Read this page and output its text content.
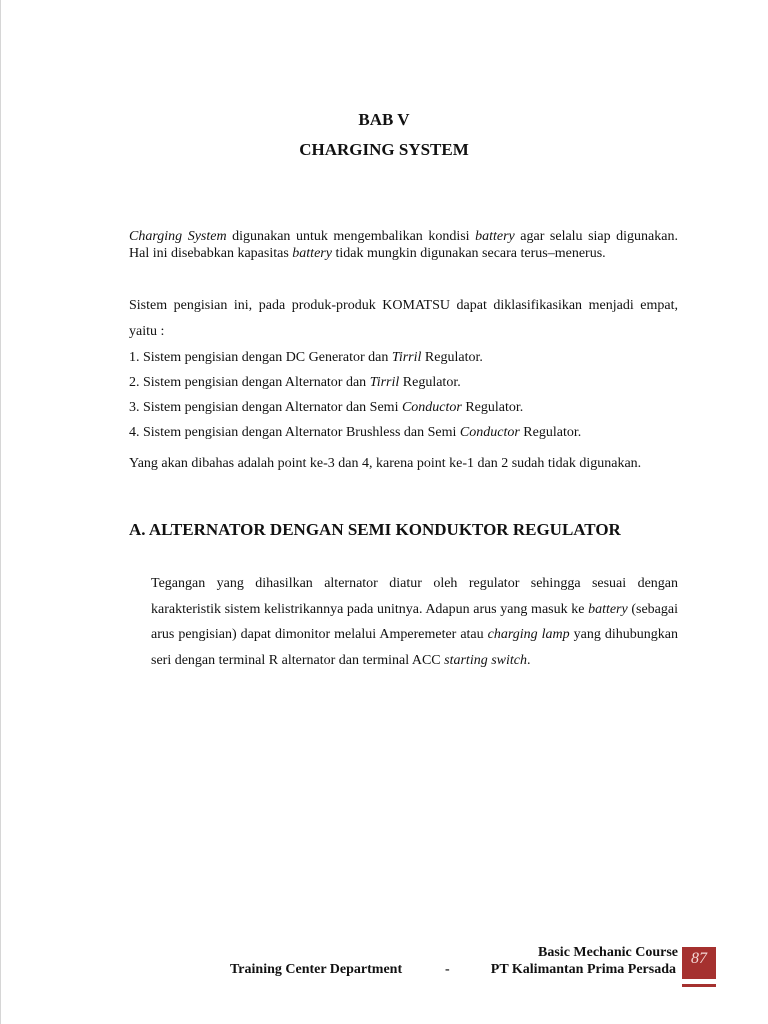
BAB V
CHARGING SYSTEM

Charging System digunakan untuk mengembalikan kondisi battery agar selalu siap digunakan. Hal ini disebabkan kapasitas battery tidak mungkin digunakan secara terus–menerus.

Sistem pengisian ini, pada produk-produk KOMATSU dapat diklasifikasikan menjadi empat, yaitu :

1. Sistem pengisian dengan DC Generator dan Tirril Regulator.
2. Sistem pengisian dengan Alternator dan Tirril Regulator.
3. Sistem pengisian dengan Alternator dan Semi Conductor Regulator.
4. Sistem pengisian dengan Alternator Brushless dan Semi Conductor Regulator.

Yang akan dibahas adalah point ke-3 dan 4, karena point ke-1 dan 2 sudah tidak digunakan.

A. ALTERNATOR DENGAN SEMI KONDUKTOR REGULATOR

Tegangan yang dihasilkan alternator diatur oleh regulator sehingga sesuai dengan karakteristik sistem kelistrikannya pada unitnya. Adapun arus yang masuk ke battery (sebagai arus pengisian) dapat dimonitor melalui Amperemeter atau charging lamp yang dihubungkan seri dengan terminal R alternator dan terminal ACC starting switch.

Basic Mechanic Course
Training Center Department	-	PT Kalimantan Prima Persada
87
